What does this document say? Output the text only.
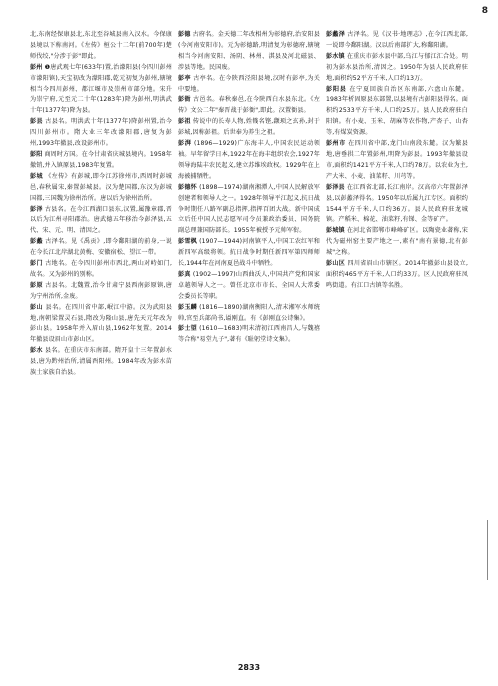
8

北,东南经保康县北,东北至谷城县南入汉水。今保康县境以下称南河。《左传》桓公十二年(前700年)楚师伐绞,"分涉于彭"即此。

彭州 ❶唐武观七年(633年)置,治濛阳县(今四川彭州市濛阳镇),天宝初改为濛阳郡,乾元初复为彭州,辖境相当今四川彭州、都江堰市及崇州市部分地。宋升为崇宁府,元至元二十年(1283年)降为彭州,明洪武十年(1377年)降为县。

彭县 古县名。明洪武十年(1377年)降彭州置,治今四川彭州市。隋大业三年改濛阳郡,唐复为彭州,1993年撤县,改设彭州市。

彭阳 商周时方国。在今甘肃省庆城县境内。1958年撤销,并入镇原县,1983年复置。

彭城 《左传》有彭城,即今江苏徐州市,西周时彭城邑,春秋属宋,秦置彭城县。汉为楚国都,东汉为彭城国都,三国魏为徐州治所。唐以后为徐州治所。

彭泽 古县名。在今江西湖口县东,汉置,属豫章郡,晋以后为江州寻阳郡治。唐武德五年移治今彭泽县,五代、宋、元、明、清因之。

彭蠡 古泽名。见《禹贡》,即今鄱阳湖的前身,一说在今长江北岸湖北黄梅、安徽宿松、望江一带。

彭门 古地名。在今四川彭州市西北,两山对峙如门,故名。又为彭州的别称。

彭原 古县名。北魏置,治今甘肃宁县西南彭原镇,唐为宁州治所,金废。

彭山 县名。在四川省中部,岷江中游。汉为武阳县地,南朝梁置灵石县,隋改为隆山县,唐先天元年改为彭山县。1958年并入眉山县,1962年复置。2014年撤县设眉山市彭山区。

彭水 县名。在重庆市东南部。隋开皇十三年置彭水县,唐为黔州治所,清属酉阳州。1984年改为彭水苗族土家族自治县。

彭德 古府名。金天德二年改相州为彰德府,治安阳县(今河南安阳市)。元为彰德路,明清复为彰德府,辖境相当今河南安阳、汤阴、林州、淇县及河北磁县、涉县等地。民国废。

彭亭 古亭名。在今陕西泾阳县境,汉时有彭亭,为关中要地。

彭衙 古邑名。春秋秦邑,在今陕西白水县东北。《左传》文公二年"秦晋战于彭衙",即此。汉置衙县。

彭祖 传说中的长寿人物,姓篯名铿,颛顼之玄孙,封于彭城,因称彭祖。后世奉为养生之祖。

彭湃 (1896—1929)广东海丰人,中国农民运动领袖。早年留学日本,1922年在海丰组织农会,1927年领导海陆丰农民起义,建立苏维埃政权。1929年在上海被捕牺牲。

彭德怀 (1898—1974)湖南湘潭人,中国人民解放军创建者和领导人之一。1928年领导平江起义,抗日战争时期任八路军副总指挥,指挥百团大战。新中国成立后任中国人民志愿军司令员兼政治委员、国务院副总理兼国防部长。1955年被授予元帅军衔。

彭雪枫 (1907—1944)河南镇平人,中国工农红军和新四军高级将领。抗日战争时期任新四军第四师师长,1944年在河南夏邑战斗中牺牲。

彭真 (1902—1997)山西曲沃人,中国共产党和国家卓越领导人之一。曾任北京市市长、全国人大常委会委员长等职。

彭玉麟 (1816—1890)湖南衡阳人,清末湘军水师统帅,官至兵部尚书,谥刚直。有《彭刚直公诗集》。

彭士望 (1610—1683)明末清初江西南昌人,与魏禧等合称"易堂九子",著有《耻躬堂诗文集》。

彭蠡泽 古泽名。见《汉书·地理志》,在今江西北部,一说即今鄱阳湖。汉以后南部扩大,称鄱阳湖。

彭水镇 在重庆市彭水县中部,乌江与郁江汇合处。明初为彭水县治所,清因之。1950年为县人民政府驻地,面积约52平方千米,人口约13万。

彭阳县 在宁夏回族自治区东南部,六盘山东麓。1983年析固原县东部置,以县境有古彭阳县得名。面积约2533平方千米,人口约25万。县人民政府驻白阳镇。有小麦、玉米、胡麻等农作物,产杏子、山杏等,有煤炭资源。

彭州市 在四川省中部,龙门山南段东麓。汉为繁县地,唐垂拱二年置彭州,明降为彭县。1993年撤县设市,面积约1421平方千米,人口约78万。以农业为主,产大米、小麦、油菜籽、川芎等。

彭泽县 在江西省北部,长江南岸。汉高帝六年置彭泽县,以彭蠡泽得名。1950年以后属九江专区。面积约1544平方千米,人口约36万。县人民政府驻龙城镇。产稻米、棉花、油菜籽,有锑、金等矿产。

彭城镇 在河北省邯郸市峰峰矿区。以陶瓷业著称,宋代为磁州窑主要产地之一,素有"南有景德,北有彭城"之称。

彭山区 四川省眉山市辖区。2014年撤彭山县设立,面积约465平方千米,人口约33万。区人民政府驻凤鸣街道。有江口古镇等名胜。

2833
